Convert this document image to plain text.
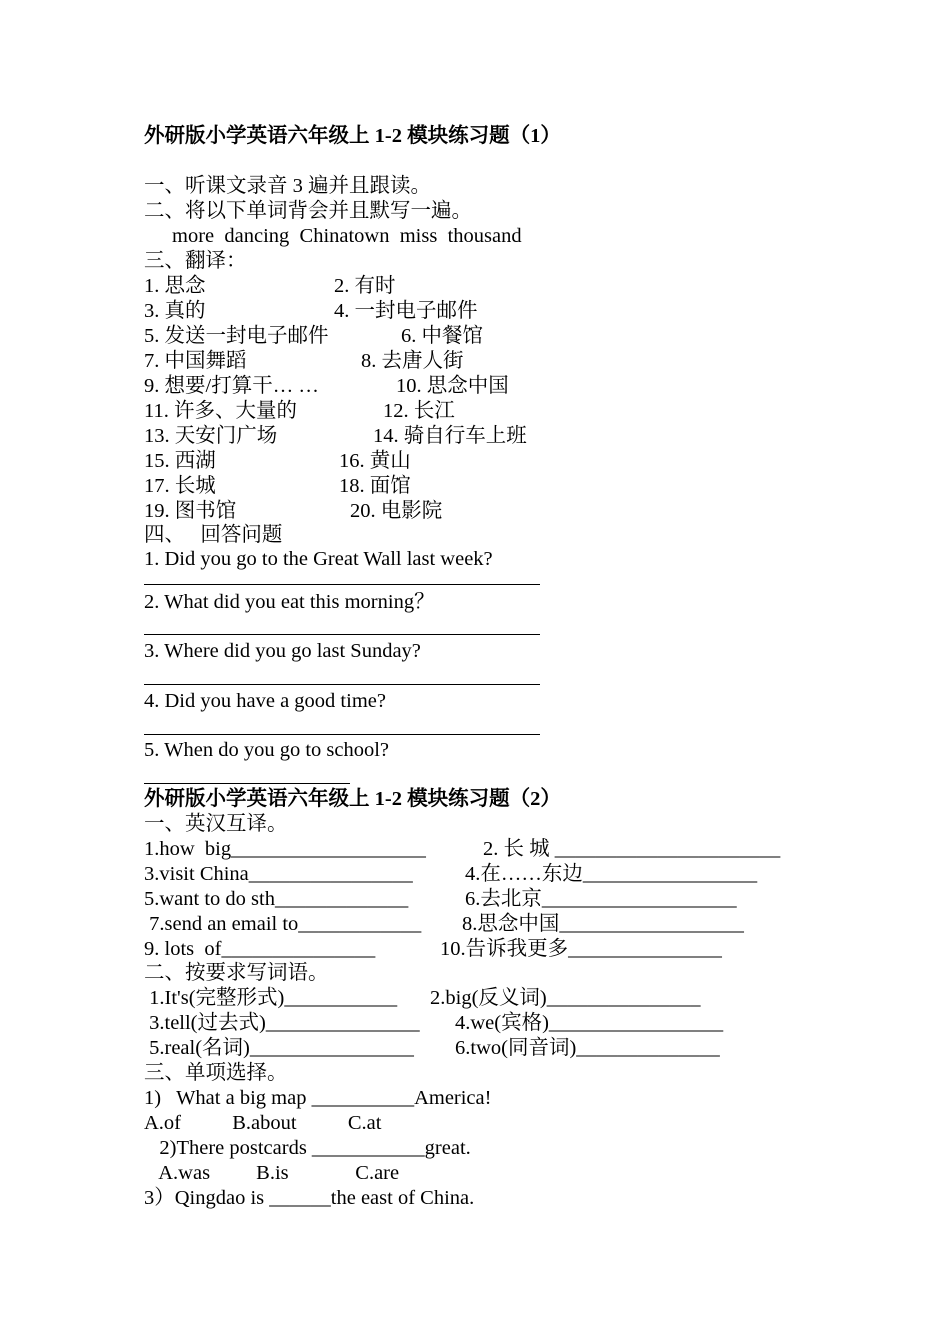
外研版小学英语六年级上 1-2 模块练习题（1）
一、听课文录音 3 遍并且跟读。
二、将以下单词背会并且默写一遍。
more  dancing  Chinatown  miss  thousand
三、翻译：
1. 思念	2. 有时
3. 真的	4. 一封电子邮件
5. 发送一封电子邮件	6. 中餐馆
7. 中国舞蹈	8. 去唐人街
9. 想要/打算干… …	10. 思念中国
11. 许多、大量的	12. 长江
13. 天安门广场	14. 骑自行车上班
15. 西湖	16. 黄山
17. 长城	18. 面馆
19. 图书馆	20. 电影院
四、   回答问题
1. Did you go to the Great Wall last week?
2. What did you eat this morning？
3. Where did you go last Sunday?
4. Did you have a good time?
5. When do you go to school?
外研版小学英语六年级上 1-2 模块练习题（2）
一、英汉互译。
1.how  big___________________	2. 长 城 ______________________
3.visit China________________	4.在……东边_________________
5.want to do sth_____________	6.去北京___________________
7.send an email to____________ 8.思念中国__________________
9. lots  of_______________	10.告诉我更多_______________
二、按要求写词语。
1.It's(完整形式)___________ 2.big(反义词)_______________
3.tell(过去式)_______________ 4.we(宾格)_________________
5.real(名词)________________ 6.two(同音词)______________
三、单项选择。
1)   What a big map __________America!
A.of          B.about          C.at
2)There postcards ___________great.
A.was         B.is             C.are
3）Qingdao is ______the east of China.
